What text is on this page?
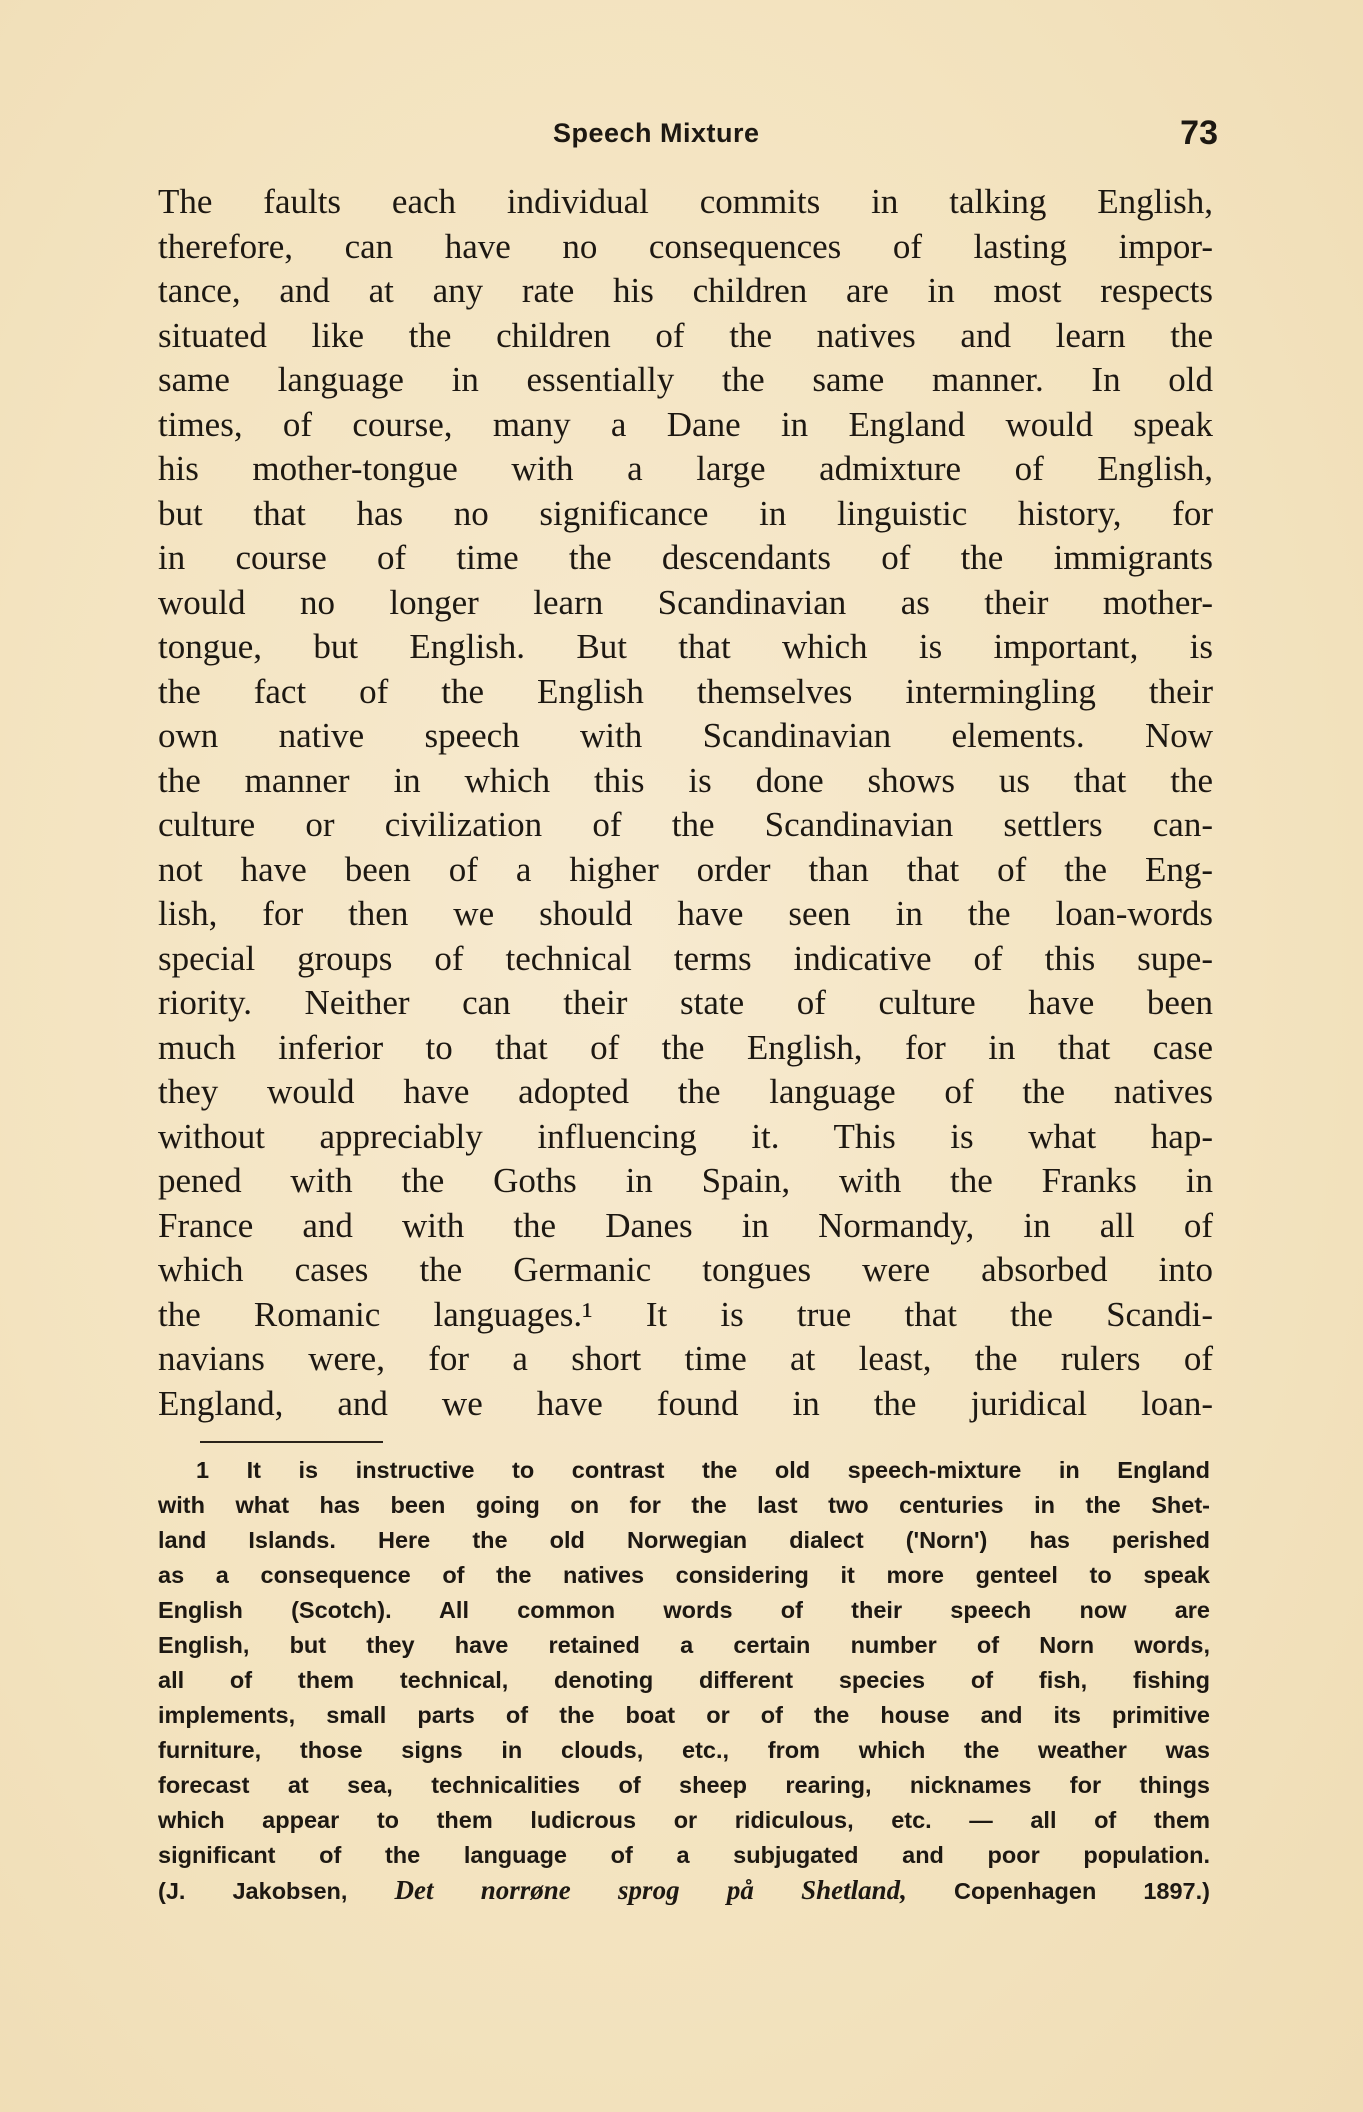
Speech Mixture	73
The faults each individual commits in talking English,
therefore, can have no consequences of lasting impor-
tance, and at any rate his children are in most respects
situated like the children of the natives and learn the
same language in essentially the same manner. In old
times, of course, many a Dane in England would speak
his mother-tongue with a large admixture of English,
but that has no significance in linguistic history, for
in course of time the descendants of the immigrants
would no longer learn Scandinavian as their mother-
tongue, but English. But that which is important, is
the fact of the English themselves intermingling their
own native speech with Scandinavian elements. Now
the manner in which this is done shows us that the
culture or civilization of the Scandinavian settlers can-
not have been of a higher order than that of the Eng-
lish, for then we should have seen in the loan-words
special groups of technical terms indicative of this supe-
riority. Neither can their state of culture have been
much inferior to that of the English, for in that case
they would have adopted the language of the natives
without appreciably influencing it. This is what hap-
pened with the Goths in Spain, with the Franks in
France and with the Danes in Normandy, in all of
which cases the Germanic tongues were absorbed into
the Romanic languages.¹ It is true that the Scandi-
navians were, for a short time at least, the rulers of
England, and we have found in the juridical loan-
1 It is instructive to contrast the old speech-mixture in England
with what has been going on for the last two centuries in the Shet-
land Islands. Here the old Norwegian dialect ('Norn') has perished
as a consequence of the natives considering it more genteel to speak
English (Scotch). All common words of their speech now are
English, but they have retained a certain number of Norn words,
all of them technical, denoting different species of fish, fishing
implements, small parts of the boat or of the house and its primitive
furniture, those signs in clouds, etc., from which the weather was
forecast at sea, technicalities of sheep rearing, nicknames for things
which appear to them ludicrous or ridiculous, etc. — all of them
significant of the language of a subjugated and poor population.
(J. Jakobsen, Det norrøne sprog på Shetland, Copenhagen 1897.)
